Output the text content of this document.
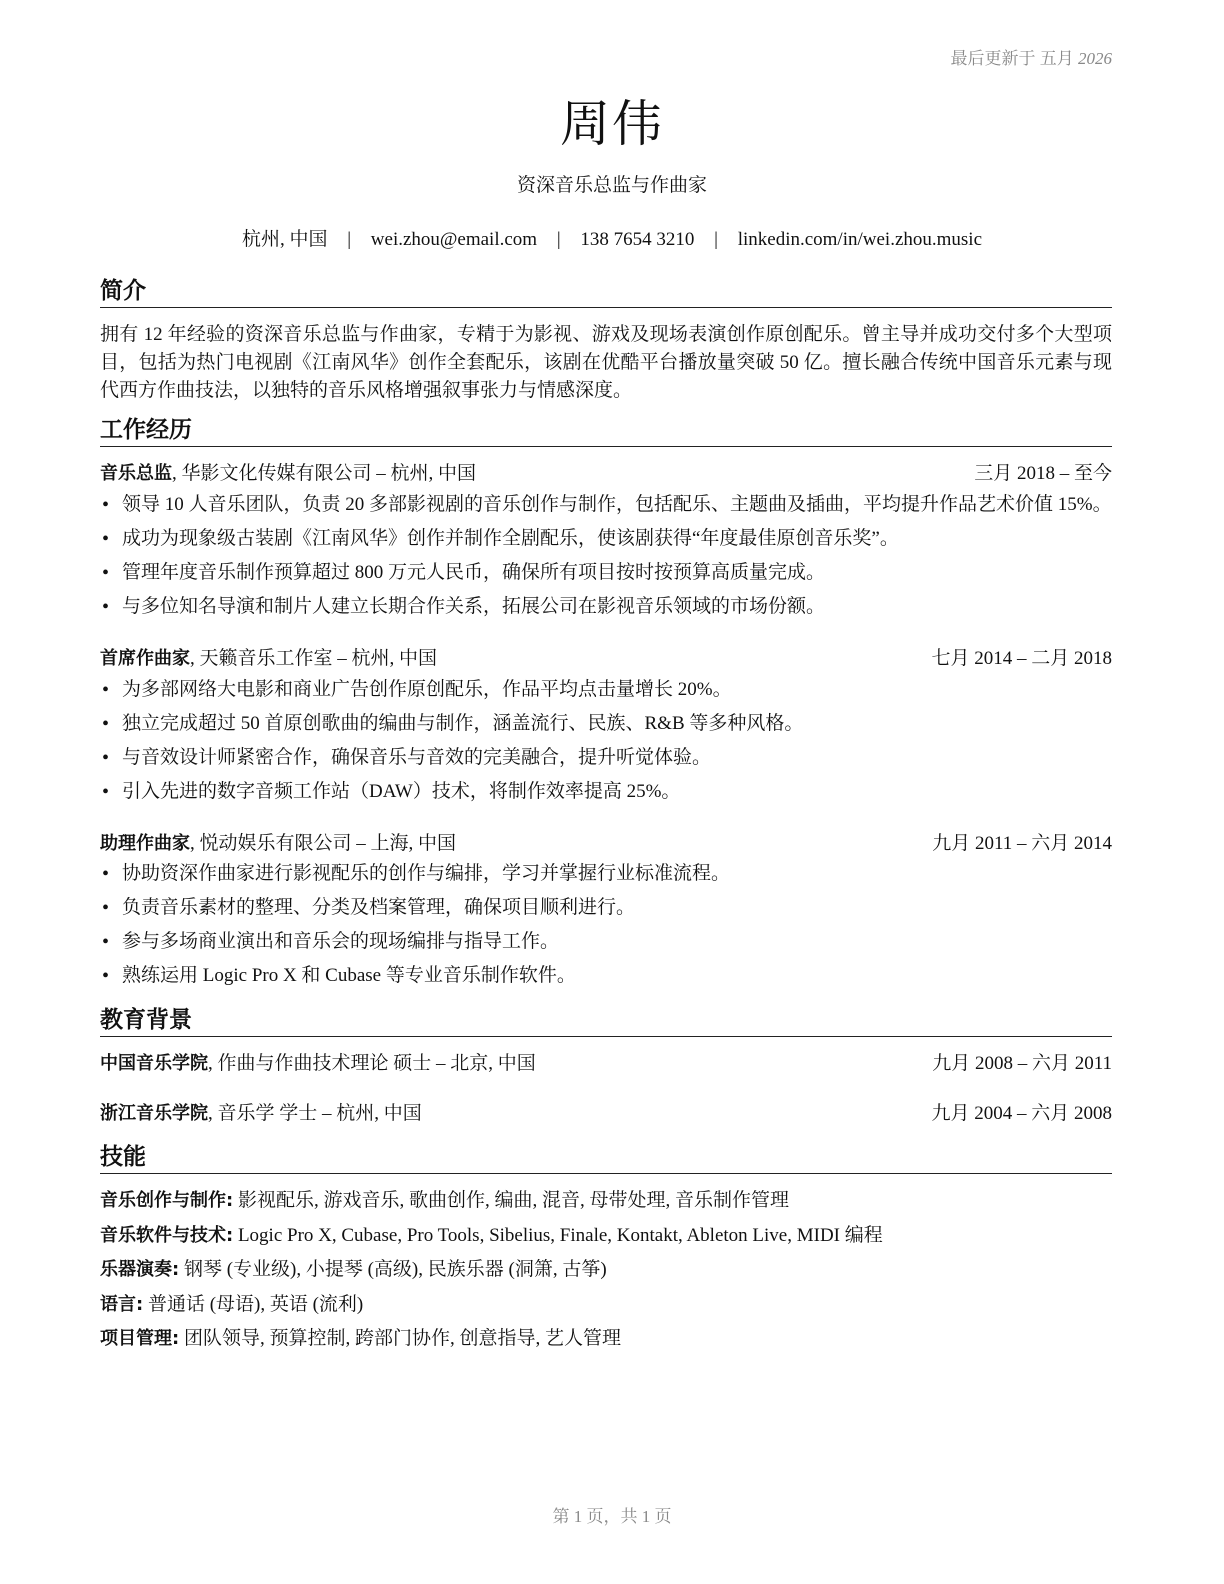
最后更新于 五月 2026
周伟
资深音乐总监与作曲家
杭州, 中国 | wei.zhou@email.com | 138 7654 3210 | linkedin.com/in/wei.zhou.music
简介
拥有 12 年经验的资深音乐总监与作曲家，专精于为影视、游戏及现场表演创作原创配乐。曾主导并成功交付多个大型项目，包括为热门电视剧《江南风华》创作全套配乐，该剧在优酷平台播放量突破 50 亿。擅长融合传统中国音乐元素与现代西方作曲技法，以独特的音乐风格增强叙事张力与情感深度。
工作经历
音乐总监, 华影文化传媒有限公司 – 杭州, 中国	三月 2018 – 至今
• 领导 10 人音乐团队，负责 20 多部影视剧的音乐创作与制作，包括配乐、主题曲及插曲，平均提升作品艺术价值 15%。
• 成功为现象级古装剧《江南风华》创作并制作全剧配乐，使该剧获得“年度最佳原创音乐奖”。
• 管理年度音乐制作预算超过 800 万元人民币，确保所有项目按时按预算高质量完成。
• 与多位知名导演和制片人建立长期合作关系，拓展公司在影视音乐领域的市场份额。
首席作曲家, 天籁音乐工作室 – 杭州, 中国	七月 2014 – 二月 2018
• 为多部网络大电影和商业广告创作原创配乐，作品平均点击量增长 20%。
• 独立完成超过 50 首原创歌曲的编曲与制作，涵盖流行、民族、R&B 等多种风格。
• 与音效设计师紧密合作，确保音乐与音效的完美融合，提升听觉体验。
• 引入先进的数字音频工作站（DAW）技术，将制作效率提高 25%。
助理作曲家, 悦动娱乐有限公司 – 上海, 中国	九月 2011 – 六月 2014
• 协助资深作曲家进行影视配乐的创作与编排，学习并掌握行业标准流程。
• 负责音乐素材的整理、分类及档案管理，确保项目顺利进行。
• 参与多场商业演出和音乐会的现场编排与指导工作。
• 熟练运用 Logic Pro X 和 Cubase 等专业音乐制作软件。
教育背景
中国音乐学院, 作曲与作曲技术理论 硕士 – 北京, 中国	九月 2008 – 六月 2011
浙江音乐学院, 音乐学 学士 – 杭州, 中国	九月 2004 – 六月 2008
技能
音乐创作与制作: 影视配乐, 游戏音乐, 歌曲创作, 编曲, 混音, 母带处理, 音乐制作管理
音乐软件与技术: Logic Pro X, Cubase, Pro Tools, Sibelius, Finale, Kontakt, Ableton Live, MIDI 编程
乐器演奏: 钢琴 (专业级), 小提琴 (高级), 民族乐器 (洞箫, 古筝)
语言: 普通话 (母语), 英语 (流利)
项目管理: 团队领导, 预算控制, 跨部门协作, 创意指导, 艺人管理
第 1 页，共 1 页
